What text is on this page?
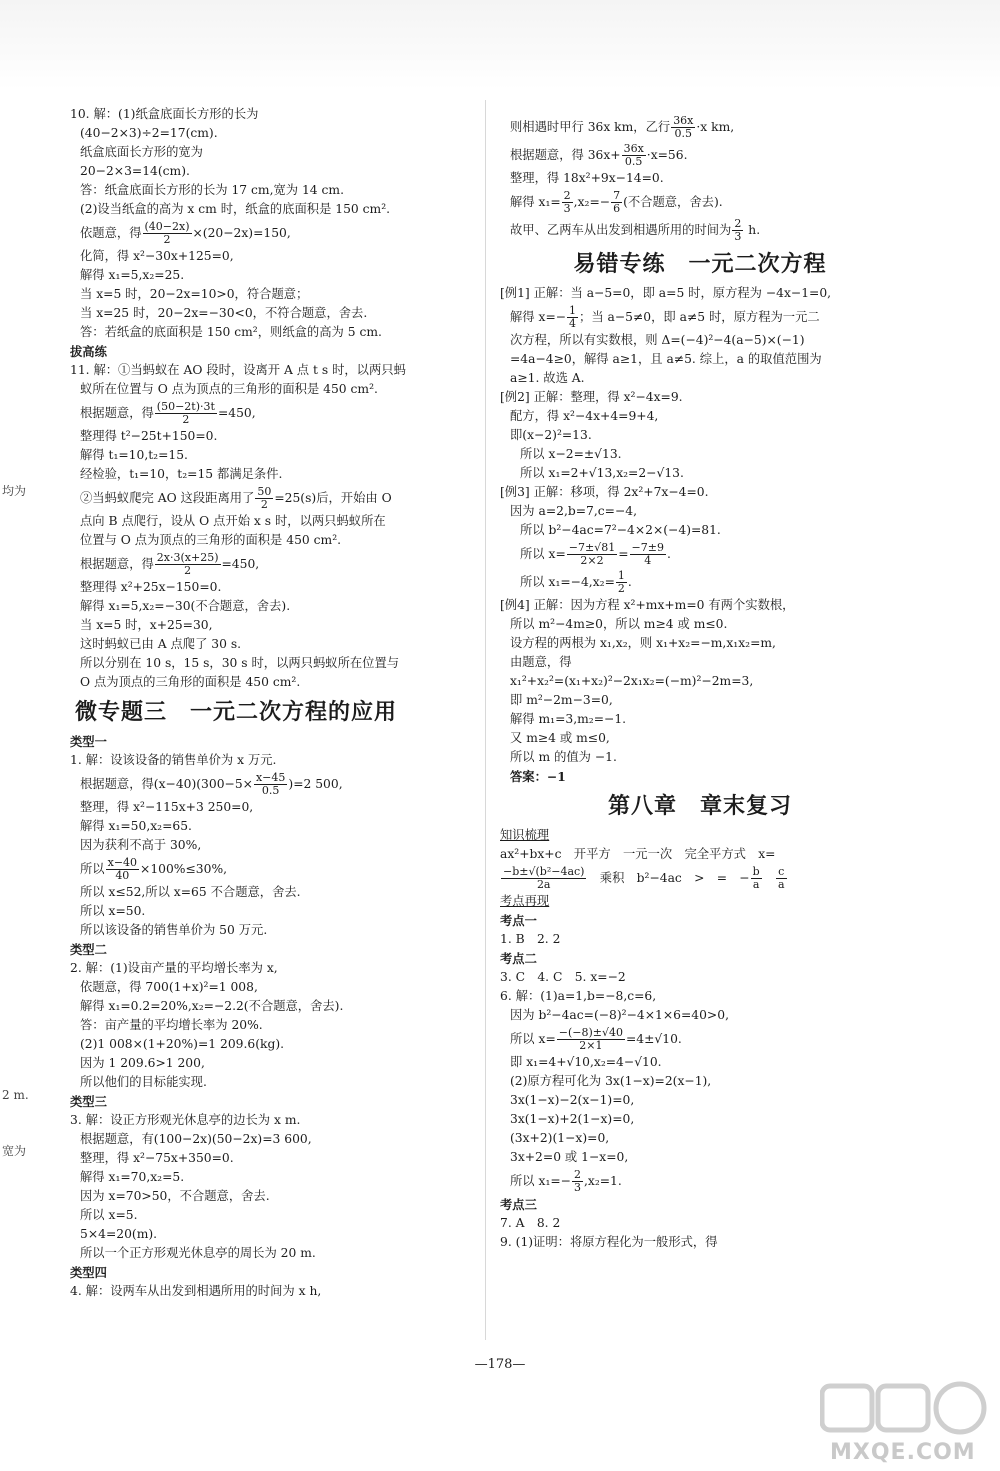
均为
2 m.
宽为
10. 解：(1)纸盒底面长方形的长为
(40−2×3)÷2=17(cm).
纸盒底面长方形的宽为
20−2×3=14(cm).
答：纸盒底面长方形的长为 17 cm,宽为 14 cm.
(2)设当纸盒的高为 x cm 时，纸盒的底面积是 150 cm².
依题意，得 $\frac{(40-2x)}{2} \times(20-2x)=150$,
化简，得 x²−30x+125=0,
解得 x₁=5,x₂=25.
当 x=5 时，20−2x=10>0，符合题意；
当 x=25 时，20−2x=−30<0，不符合题意，舍去.
答：若纸盒的底面积是 150 cm²，则纸盒的高为 5 cm.
拔高练
11. 解：①当蚂蚁在 AO 段时，设离开 A 点 t s 时，以两只蚂
蚁所在位置与 O 点为顶点的三角形的面积是 450 cm².
根据题意，得 $\frac{(50-2t)\cdot 3t}{2} =450$,
整理得 t²−25t+150=0.
解得 t₁=10,t₂=15.
经检验，t₁=10，t₂=15 都满足条件.
②当蚂蚁爬完 AO 这段距离用了 $\frac{50}{2} =25(s)$后，开始由 O
点向 B 点爬行，设从 O 点开始 x s 时，以两只蚂蚁所在
位置与 O 点为顶点的三角形的面积是 450 cm².
根据题意，得 $\frac{2x\cdot 3(x+25)}{2} =450$,
整理得 x²+25x−150=0.
解得 x₁=5,x₂=−30(不合题意，舍去).
当 x=5 时，x+25=30,
这时蚂蚁已由 A 点爬了 30 s.
所以分别在 10 s，15 s，30 s 时，以两只蚂蚁所在位置与
O 点为顶点的三角形的面积是 450 cm².
微专题三　一元二次方程的应用
类型一
1. 解：设该设备的销售单价为 x 万元.
根据题意，得$(x-40)(300-5\times \frac{x-45}{0.5} )=2$ 500,
整理，得 x²−115x+3 250=0,
解得 x₁=50,x₂=65.
因为获利不高于 30%,
所以 $\frac{x-40}{40} \times 100\%\le 30\%$,
所以 x≤52,所以 x=65 不合题意，舍去.
所以 x=50.
所以该设备的销售单价为 50 万元.
类型二
2. 解：(1)设亩产量的平均增长率为 x,
依题意，得 700(1+x)²=1 008,
解得 x₁=0.2=20%,x₂=−2.2(不合题意，舍去).
答：亩产量的平均增长率为 20%.
(2)1 008×(1+20%)=1 209.6(kg).
因为 1 209.6>1 200,
所以他们的目标能实现.
类型三
3. 解：设正方形观光休息亭的边长为 x m.
根据题意，有(100−2x)(50−2x)=3 600,
整理，得 x²−75x+350=0.
解得 x₁=70,x₂=5.
因为 x=70>50，不合题意，舍去.
所以 x=5.
5×4=20(m).
所以一个正方形观光休息亭的周长为 20 m.
类型四
4. 解：设两车从出发到相遇所用的时间为 x h,
则相遇时甲行 36x km，乙行 $\frac{36x}{0.5} \cdot x$ km,
根据题意，得 $36x+ \frac{36x}{0.5} \cdot x=56$.
整理，得 18x²+9x−14=0.
解得 $x_1= \frac{2}{3} ,x_2=- \frac{7}{6}$ (不合题意，舍去).
故甲、乙两车从出发到相遇所用的时间为 $\frac{2}{3} h$.
易错专练　一元二次方程
[例1] 正解：当 a−5=0，即 a=5 时，原方程为 −4x−1=0,
解得 $x=- \frac{1}{4}$ ；当 a−5≠0，即 a≠5 时，原方程为一元二
次方程，所以有实数根，则 Δ=(−4)²−4(a−5)×(−1)
=4a−4≥0，解得 a≥1，且 a≠5. 综上，a 的取值范围为
a≥1. 故选 A.
[例2] 正解：整理，得 x²−4x=9.
配方，得 x²−4x+4=9+4,
即(x−2)²=13.
所以 x−2=±√13.
所以 x₁=2+√13,x₂=2−√13.
[例3] 正解：移项，得 2x²+7x−4=0.
因为 a=2,b=7,c=−4,
所以 b²−4ac=7²−4×2×(−4)=81.
所以 $x= \frac{-7\pm√81}{2\times 2} = \frac{-7\pm 9}{4}$ .
所以 $x_1=-4,x_2= \frac{1}{2}$ .
[例4] 正解：因为方程 x²+mx+m=0 有两个实数根，
所以 m²−4m≥0，所以 m≥4 或 m≤0.
设方程的两根为 x₁,x₂，则 x₁+x₂=−m,x₁x₂=m,
由题意，得
x₁²+x₂²=(x₁+x₂)²−2x₁x₂=(−m)²−2m=3,
即 m²−2m−3=0,
解得 m₁=3,m₂=−1.
又 m≥4 或 m≤0,
所以 m 的值为 −1.
答案：−1
第八章　章末复习
知识梳理
ax²+bx+c　开平方　一元一次　完全平方式　x=
$\frac{\text{−b±√(b²−4ac)}}{2a}$
　 乘积　b²−4ac　>　=　− $\frac{b}{a}$
　 $\frac{c}{a}$
考点再现
考点一
1. B　2. 2
考点二
3. C　4. C　5. x=−2
6. 解：(1)a=1,b=−8,c=6,
因为 b²−4ac=(−8)²−4×1×6=40>0,
所以 $x= \frac{-(-8)\pm√40}{2\times 1} =4\pm√10$.
即 x₁=4+√10,x₂=4−√10.
(2)原方程可化为 3x(1−x)=2(x−1),
3x(1−x)−2(x−1)=0,
3x(1−x)+2(1−x)=0,
(3x+2)(1−x)=0,
3x+2=0 或 1−x=0,
所以 $x_1=- \frac{2}{3} ,x_2=1$.
考点三
7. A　8. 2
9. (1)证明：将原方程化为一般形式，得
—178—
MXQE.COM
